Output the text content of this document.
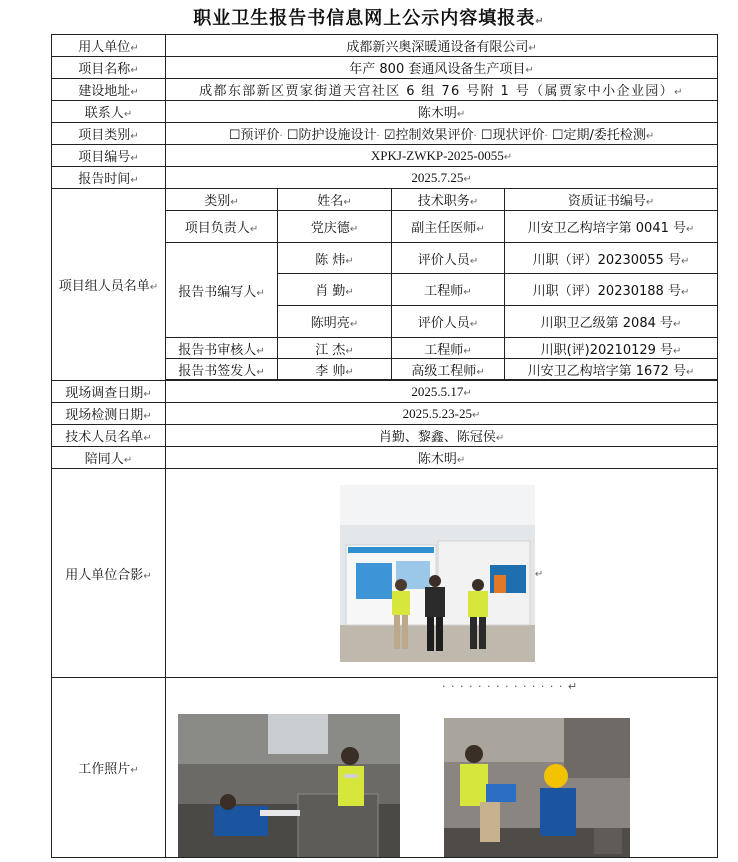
职业卫生报告书信息网上公示内容填报表↵
用人单位↵	成都新兴奥深暖通设备有限公司↵			
项目名称↵	年产 800 套通风设备生产项目↵			
建设地址↵	成都东部新区贾家街道天宫社区 6 组 76 号附 1 号（属贾家中小企业园）↵			
联系人↵	陈木明↵			
项目类别↵	☐预评价· ☐防护设施设计· ☑控制效果评价· ☐现状评价· ☐定期/委托检测↵			
项目编号↵	XPKJ-ZWKP-2025-0055↵			
报告时间↵	2025.7.25↵			
项目组人员名单↵	类别↵	姓名↵	技术职务↵	资质证书编号↵
	项目负责人↵	党庆德↵	副主任医师↵	川安卫乙构培字第 0041 号↵
	报告书编写人↵	陈 炜↵	评价人员↵	川职（评）20230055 号↵
		肖 勤↵	工程师↵	川职（评）20230188 号↵
		陈明亮↵	评价人员↵	川职卫乙级第 2084 号↵
	报告书审核人↵	江 杰↵	工程师↵	川职(评)20210129 号↵
	报告书签发人↵	李 帅↵	高级工程师↵	川安卫乙构培字第 1672 号↵

现场调查日期↵	2025.5.17↵			
现场检测日期↵	2025.5.23-25↵			
技术人员名单↵	肖勤、黎鑫、陈冠侯↵			
陪同人↵	陈木明↵			
用人单位合影↵	↵			
工作照片↵	· · · · · · · · · · · · · · ↵			
